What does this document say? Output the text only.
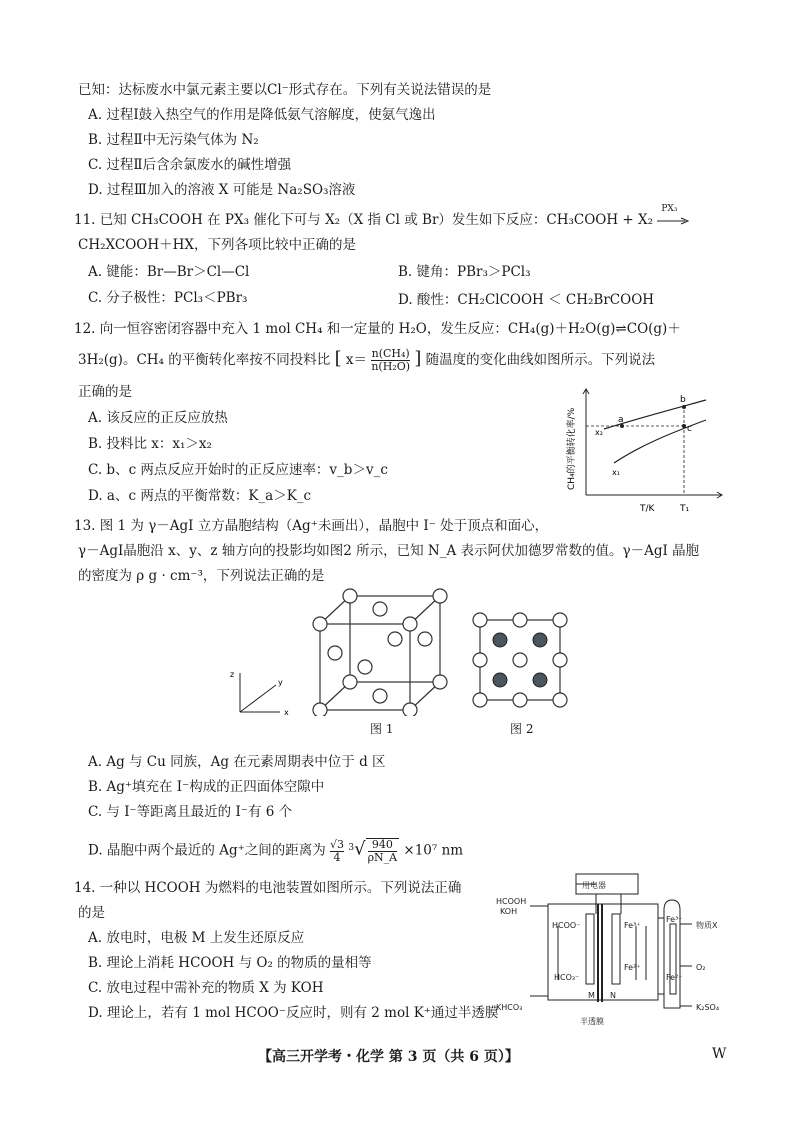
已知：达标废水中氯元素主要以Cl⁻形式存在。下列有关说法错误的是
A. 过程Ⅰ鼓入热空气的作用是降低氨气溶解度，使氨气逸出
B. 过程Ⅱ中无污染气体为 N₂
C. 过程Ⅱ后含余氯废水的碱性增强
D. 过程Ⅲ加入的溶液 X 可能是 Na₂SO₃溶液
11. 已知 CH₃COOH 在 PX₃ 催化下可与 X₂（X 指 Cl 或 Br）发生如下反应：CH₃COOH + X₂
PX₃
CH₂XCOOH＋HX，下列各项比较中正确的是
A. 键能：Br—Br＞Cl—Cl	B. 键角：PBr₃＞PCl₃
C. 分子极性：PCl₃＜PBr₃	D. 酸性：CH₂ClCOOH ＜ CH₂BrCOOH
12. 向一恒容密闭容器中充入 1 mol CH₄ 和一定量的 H₂O，发生反应：CH₄(g)＋H₂O(g)⇌CO(g)＋
3H₂(g)。CH₄ 的平衡转化率按不同投料比 [ $x= \frac{\text{n(CH₄)}}{\text{n(H₂O)}}$ ] 随温度的变化曲线如图所示。下列说法
正确的是
A. 该反应的正反应放热
B. 投料比 x：x₁＞x₂
C. b、c 两点反应开始时的正反应速率：v_b＞v_c
D. a、c 两点的平衡常数：K_a＞K_c
CH₄的平衡转化率/%
T/K	T₁
a
b
c
x₂
x₁
13. 图 1 为 γ－AgI 立方晶胞结构（Ag⁺未画出），晶胞中 I⁻ 处于顶点和面心，
γ－AgI晶胞沿 x、y、z 轴方向的投影均如图2 所示，已知 N_A 表示阿伏加德罗常数的值。γ－AgI 晶胞
的密度为 ρ g · cm⁻³，下列说法正确的是
z
y
x
图 1	图 2
A. Ag 与 Cu 同族，Ag 在元素周期表中位于 d 区
B. Ag⁺填充在 I⁻构成的正四面体空隙中
C. 与 I⁻等距离且最近的 I⁻有 6 个
D. 晶胞中两个最近的 Ag⁺之间的距离为 $\frac{√3}{4} ^3√ \frac{940}{\rho N\_A} \times 10^7$ nm
14. 一种以 HCOOH 为燃料的电池装置如图所示。下列说法正确
的是
A. 放电时，电极 M 上发生还原反应
B. 理论上消耗 HCOOH 与 O₂ 的物质的量相等
C. 放电过程中需补充的物质 X 为 KOH
D. 理论上，若有 1 mol HCOO⁻反应时，则有 2 mol K⁺通过半透膜
用电器
HCOOH
KOH
KHCO₃
HCOO⁻
HCO₃⁻
Fe³⁺
Fe²⁺
Fe³⁺
Fe²⁺
M N
半透膜
物质X
O₂
K₂SO₄
【高三开学考・化学 第 3 页（共 6 页）】	W
